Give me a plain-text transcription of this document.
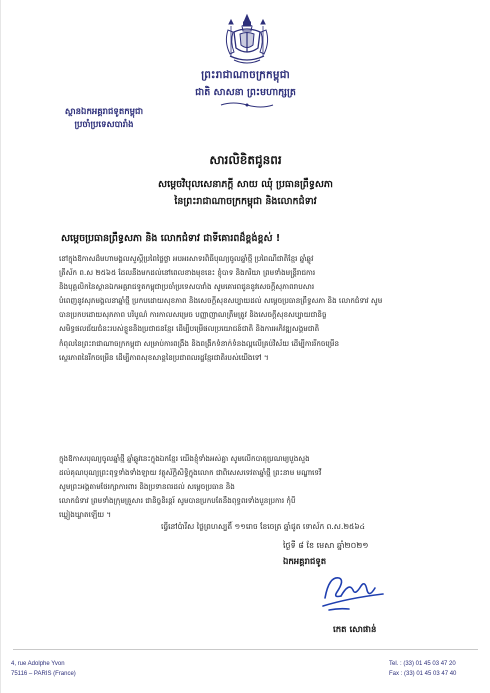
ព្រះរាជាណាចក្រកម្ពុជា
ជាតិ សាសនា ព្រះមហាក្សត្រ
ស្ថានឯកអគ្គរាជទូតកម្ពុជា
ប្រចាំប្រទេសបារាំង
សារលិខិតជូនពរ
សម្តេចវិបុលសេនាភក្តី សាយ ឈុំ ប្រធានព្រឹទ្ធសភា
នៃព្រះរាជាណាចក្រកម្ពុជា និងលោកជំទាវ
សម្តេចប្រធានព្រឹទ្ធសភា និង លោកជំទាវ ជាទីគោរពដ៏ខ្ពង់ខ្ពស់ !
នៅក្នុងឱកាសដ៏មហាមង្គលសួស្តីប្រពៃថ្លៃថ្លា អបអរសាទរពិធីបុណ្យចូលឆ្នាំថ្មី ប្រពៃណីជាតិខ្មែរ ឆ្នាំឆ្លូវ
ត្រីស័ក ព.ស ២៥៦៥ ដែលនឹងមកដល់នៅពេលខាងមុខនេះ ខ្ញុំបាទ និងភរិយា ព្រមទាំងមន្ត្រីរាជការ
និងបុគ្គលិកនៃស្ថានឯកអគ្គរាជទូតកម្ពុជាប្រចាំប្រទេសបារាំង សូមគោរពជូននូវសេចក្តីសុភាពរាបសារ
បំពេញនូវសុភមង្គលនាឆ្នាំថ្មី ប្រកបដោយសុខភាព និងសេចក្តីសុខសប្បាយដល់ សម្តេចប្រធានព្រឹទ្ធសភា និង លោកជំទាវ សូម
បានប្រកបដោយសុភភាព បរិបូណ៌ ការកាលសម្រេច បញ្ញាញាណត្រឹមត្រូវ និងសេចក្តីសុខសប្បាយជានិច្ច
សមិទ្ធផលជ័យជំនះរបស់ខ្លួននិងប្រជាជនខ្មែរ ដើម្បីបម្រើផលប្រយោជន៍ជាតិ និងការអភិវឌ្ឍសង្គមជាតិ
កំពុលនៃព្រះរាជាណាចក្រកម្ពុជា សម្រាប់ការពង្រឹង និងពង្រីកទំនាក់ទំនងល្អលើគ្រប់វិស័យ ដើម្បីការរីកចម្រើន
ស្ថេរភាពនៃរីកចម្រើន ដើម្បីភាពសុខសាន្តនៃប្រជាពលរដ្ឋខ្មែរជាតិរបស់យើងទៅ ។
ក្នុងឱកាសបុណ្យចូលឆ្នាំថ្មី ឆ្នាំឆ្លូវនេះក្នុងឯកខ្មែរ យើងខ្ញុំទាំងអស់គ្នា សូមលើកបាតុប្រណម្យបួងសួង
ដល់គុណបុណ្យព្រះពុទ្ធទាំងទាំងឡាយ វត្ថុស័ក្តិសិទ្ធិក្នុងលោក ជាពិសេសទេវតាឆ្នាំថ្មី ព្រះនាម មណ្ឌាទេវី
សូមព្រះអង្គតាមថែរក្សាការពារ និងប្រទានពរដល់ សម្តេចប្រធាន និង
លោកជំទាវ ព្រមទាំងក្រុមគ្រួសារ ជានិច្ចនិរន្តរ៍ សូមបានប្រកបតែនឹងពុទ្ធពរទាំងបួនប្រការ កុំបី
ឃ្លៀងឃ្លាតឡើយ ។
ធ្វើនៅប៉ារីស ថ្ងៃព្រហស្បតិ៍ ១១រោច ខែចេត្រ ឆ្នាំជូត ទោស័ក ព.ស.២៥៦៤
ថ្ងៃទី ៨ ខែ មេសា ឆ្នាំ២០២១
ឯកអគ្គរាជទូត
កេត សោផាន់
4, rue Adolphe Yvon
75116 – PARIS (France)
Tel. : (33) 01 45 03 47 20
Fax : (33) 01 45 03 47 40
